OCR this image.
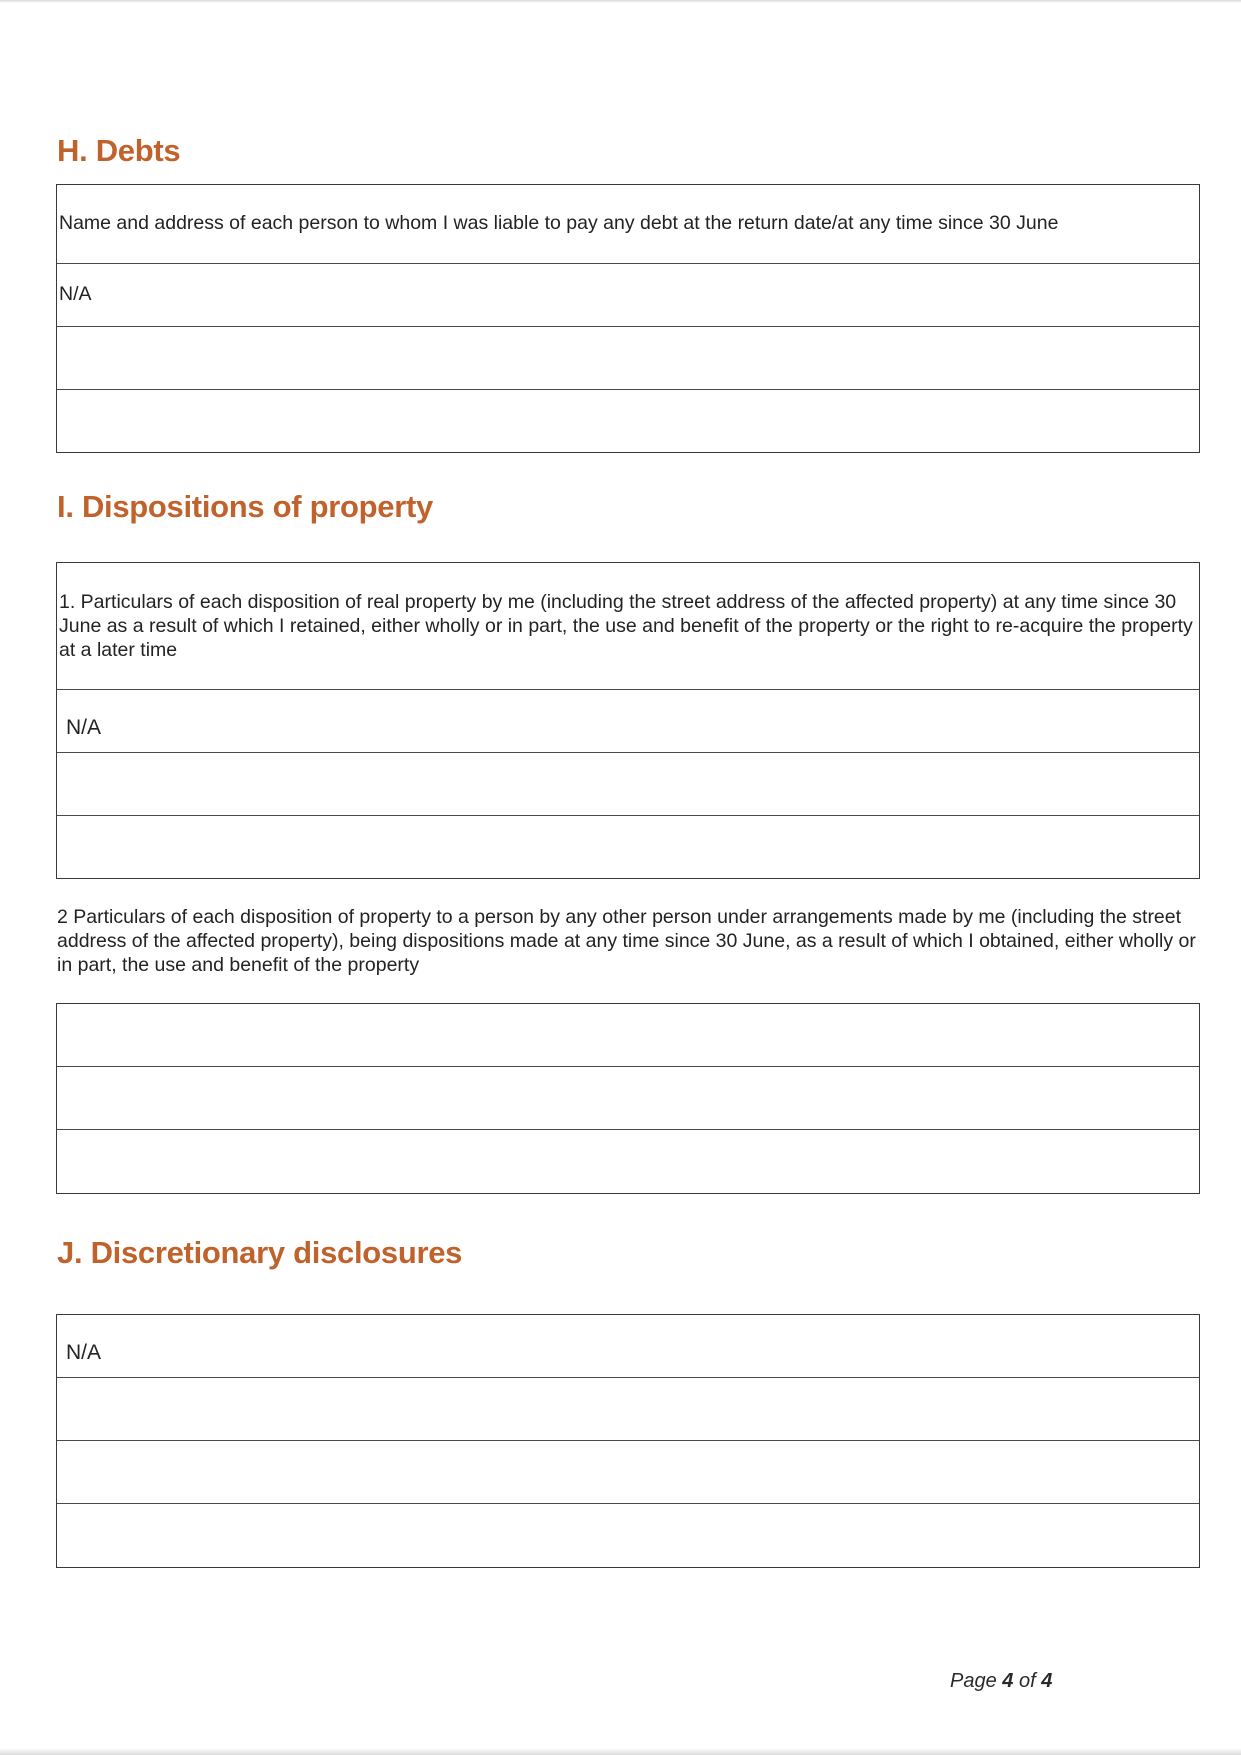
H. Debts
Name and address of each person to whom I was liable to pay any debt at the return date/at any time since 30 June
N/A
I. Dispositions of property
1. Particulars of each disposition of real property by me (including the street address of the affected property) at any time since 30 June as a result of which I retained, either wholly or in part, the use and benefit of the property or the right to re-acquire the property at a later time
N/A

2 Particulars of each disposition of property to a person by any other person under arrangements made by me (including the street address of the affected property), being dispositions made at any time since 30 June, as a result of which I obtained, either wholly or in part, the use and benefit of the property

J. Discretionary disclosures
N/A
Page 4 of 4
